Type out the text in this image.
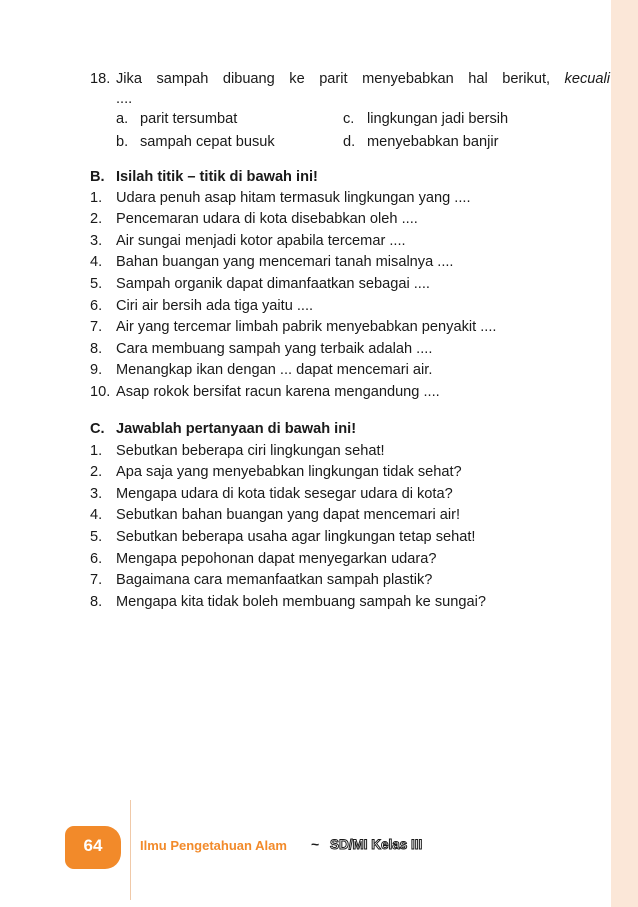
18. Jika sampah dibuang ke parit menyebabkan hal berikut, kecuali
....
a. parit tersumbat	c. lingkungan jadi bersih
b. sampah cepat busuk	d. menyebabkan banjir
B. Isilah titik – titik di bawah ini!
1. Udara penuh asap hitam termasuk lingkungan yang ....
2. Pencemaran udara di kota disebabkan oleh ....
3. Air sungai menjadi kotor apabila tercemar ....
4. Bahan buangan yang mencemari tanah misalnya ....
5. Sampah organik dapat dimanfaatkan sebagai ....
6. Ciri air bersih ada tiga yaitu ....
7. Air yang tercemar limbah pabrik menyebabkan penyakit ....
8. Cara membuang sampah yang terbaik adalah ....
9. Menangkap ikan dengan ... dapat mencemari air.
10. Asap rokok bersifat racun karena mengandung ....
C. Jawablah pertanyaan di bawah ini!
1. Sebutkan beberapa ciri lingkungan sehat!
2. Apa saja yang menyebabkan lingkungan tidak sehat?
3. Mengapa udara di kota tidak sesegar udara di kota?
4. Sebutkan bahan buangan yang dapat mencemari air!
5. Sebutkan beberapa usaha agar lingkungan tetap sehat!
6. Mengapa pepohonan dapat menyegarkan udara?
7. Bagaimana cara memanfaatkan sampah plastik?
8. Mengapa kita tidak boleh membuang sampah ke sungai?
64	Ilmu Pengetahuan Alam ~ SD/MI Kelas III
